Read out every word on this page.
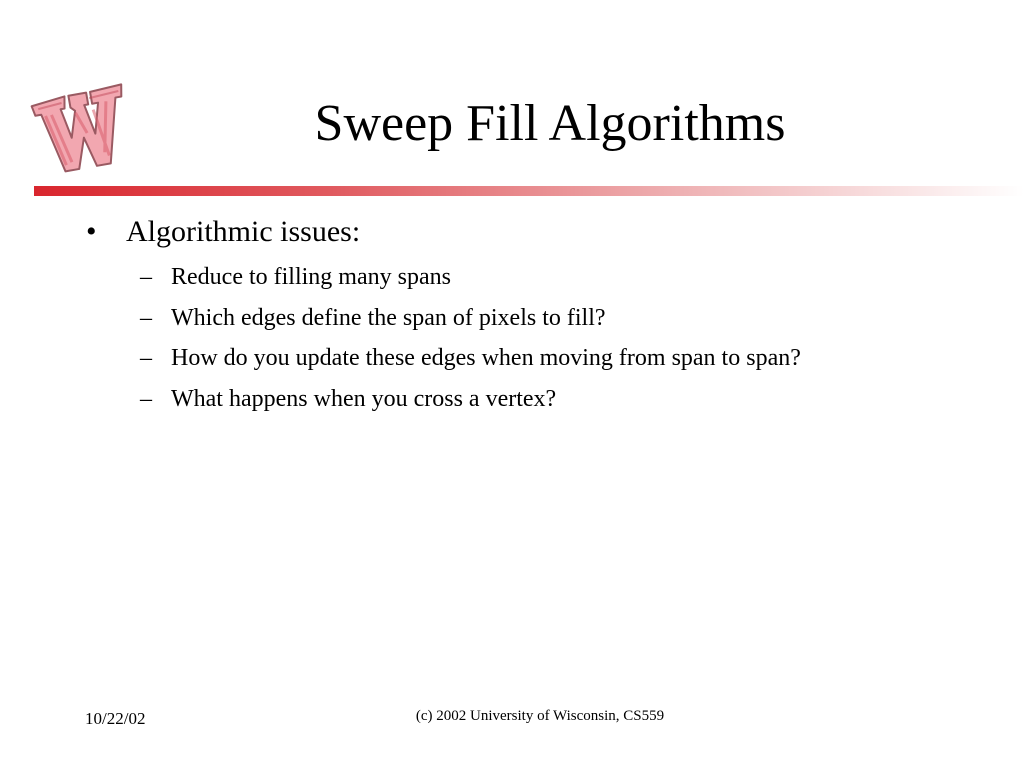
Sweep Fill Algorithms
• Algorithmic issues:
– Reduce to filling many spans
– Which edges define the span of pixels to fill?
– How do you update these edges when moving from span to span?
– What happens when you cross a vertex?
10/22/02	(c) 2002 University of Wisconsin, CS559
